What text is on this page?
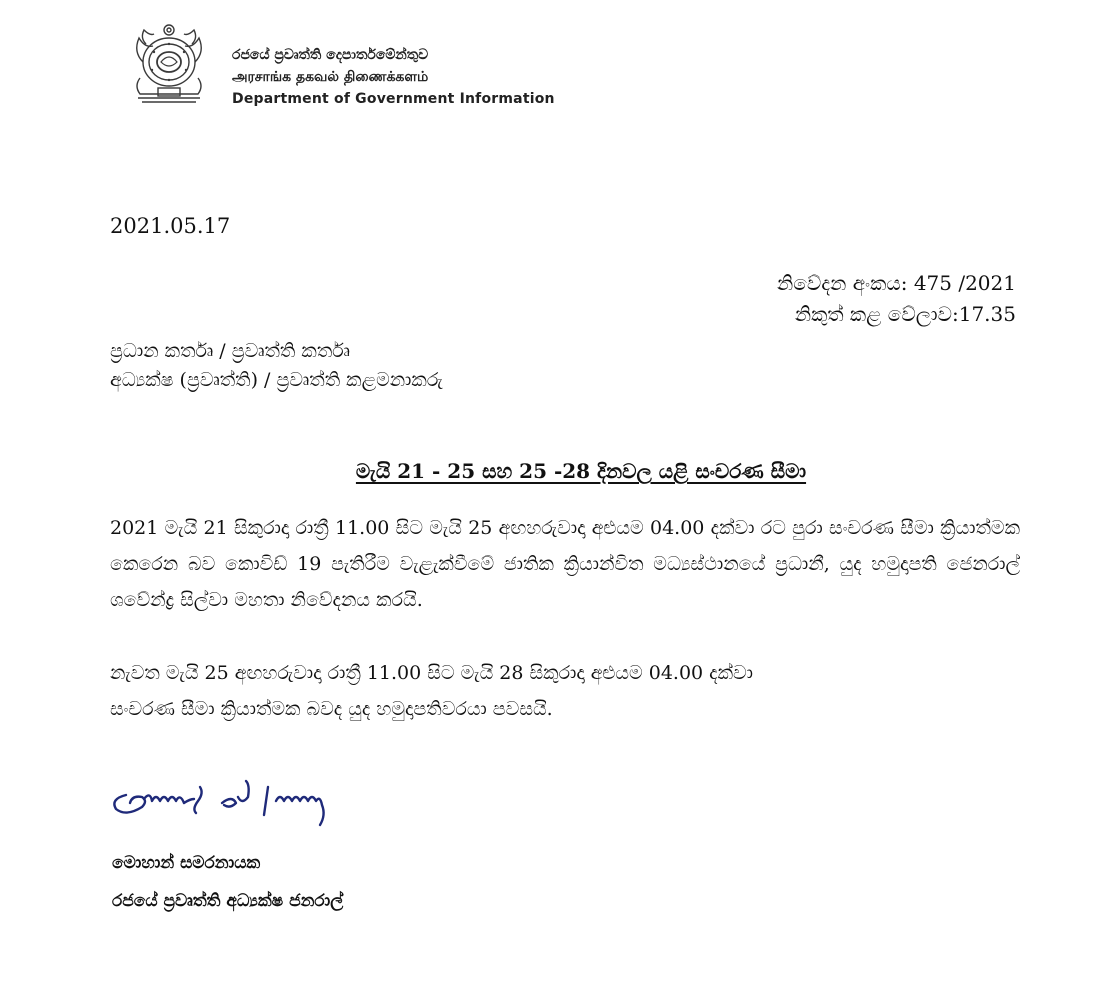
රජයේ ප්‍රවෘත්ති දෙපාර්තමේන්තුව
அரசாங்க தகவல் திணைக்களம்
Department of Government Information
2021.05.17
නිවේදන අංකය: 475 /2021
නිකුත් කළ වේලාව:17.35
ප්‍රධාන කර්තෘ / ප්‍රවෘත්ති කර්තෘ
අධ්‍යක්ෂ (ප්‍රවෘත්ති) / ප්‍රවෘත්ති කළමනාකරු
මැයි 21 - 25 සහ 25 -28 දිනවල යළි සංචරණ සීමා
2021 මැයි 21 සිකුරාදා රාත්‍රී 11.00 සිට මැයි 25 අඟහරුවාදා අළුයම 04.00 දක්වා රට පුරා සංචරණ සීමා ක්‍රියාත්මක කෙරෙන බව කොවිඩ් 19 පැතිරීම වැළැක්වීමේ ජාතික ක්‍රියාන්විත මධ්‍යස්ථානයේ ප්‍රධානී, යුද හමුදාපති ජෙනරාල් ශවේන්ද්‍ර සිල්වා මහතා නිවේදනය කරයි.
නැවත මැයි 25 අඟහරුවාදා රාත්‍රී 11.00 සිට මැයි 28 සිකුරාදා අළුයම 04.00 දක්වා
සංචරණ සීමා ක්‍රියාත්මක බවද යුද හමුදාපතිවරයා පවසයි.
මොහාන් සමරනායක
රජයේ ප්‍රවෘත්ති අධ්‍යක්ෂ ජනරාල්
